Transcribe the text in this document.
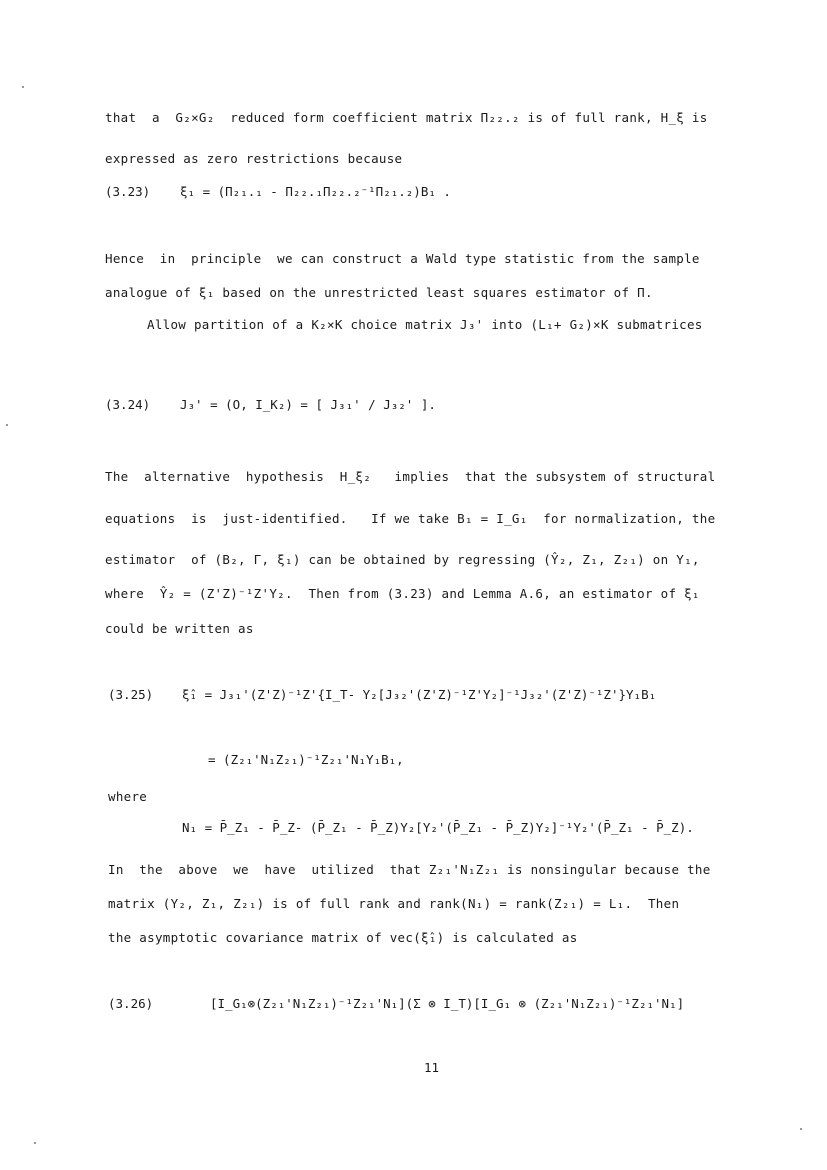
that  a  G₂×G₂  reduced form coefficient matrix Π₂₂.₂ is of full rank, H_ξ is
expressed as zero restrictions because
(3.23) ξ₁ = (Π₂₁.₁ - Π₂₂.₁Π₂₂.₂⁻¹Π₂₁.₂)B₁ .
Hence  in  principle  we can construct a Wald type statistic from the sample
analogue of ξ₁ based on the unrestricted least squares estimator of Π.
Allow partition of a K₂×K choice matrix J₃' into (L₁+ G₂)×K submatrices
(3.24) J₃' = (O, I_K₂) = [ J₃₁' / J₃₂' ].
The  alternative  hypothesis  H_ξ₂   implies  that the subsystem of structural
equations  is  just-identified.   If we take B₁ = I_G₁  for normalization, the
estimator  of (B₂, Γ, ξ₁) can be obtained by regressing (Ŷ₂, Z₁, Z₂₁) on Y₁,
where  Ŷ₂ = (Z'Z)⁻¹Z'Y₂.  Then from (3.23) and Lemma A.6, an estimator of ξ₁
could be written as
(3.25) ξ̂₁ = J₃₁'(Z'Z)⁻¹Z'{I_T- Y₂[J₃₂'(Z'Z)⁻¹Z'Y₂]⁻¹J₃₂'(Z'Z)⁻¹Z'}Y₁B₁
= (Z₂₁'N₁Z₂₁)⁻¹Z₂₁'N₁Y₁B₁,
where
N₁ = P̄_Z₁ - P̄_Z- (P̄_Z₁ - P̄_Z)Y₂[Y₂'(P̄_Z₁ - P̄_Z)Y₂]⁻¹Y₂'(P̄_Z₁ - P̄_Z).
In  the  above  we  have  utilized  that Z₂₁'N₁Z₂₁ is nonsingular because the
matrix (Y₂, Z₁, Z₂₁) is of full rank and rank(N₁) = rank(Z₂₁) = L₁.  Then
the asymptotic covariance matrix of vec(ξ̂₁) is calculated as
(3.26)	[I_G₁⊗(Z₂₁'N₁Z₂₁)⁻¹Z₂₁'N₁](Σ ⊗ I_T)[I_G₁ ⊗ (Z₂₁'N₁Z₂₁)⁻¹Z₂₁'N₁]
11
